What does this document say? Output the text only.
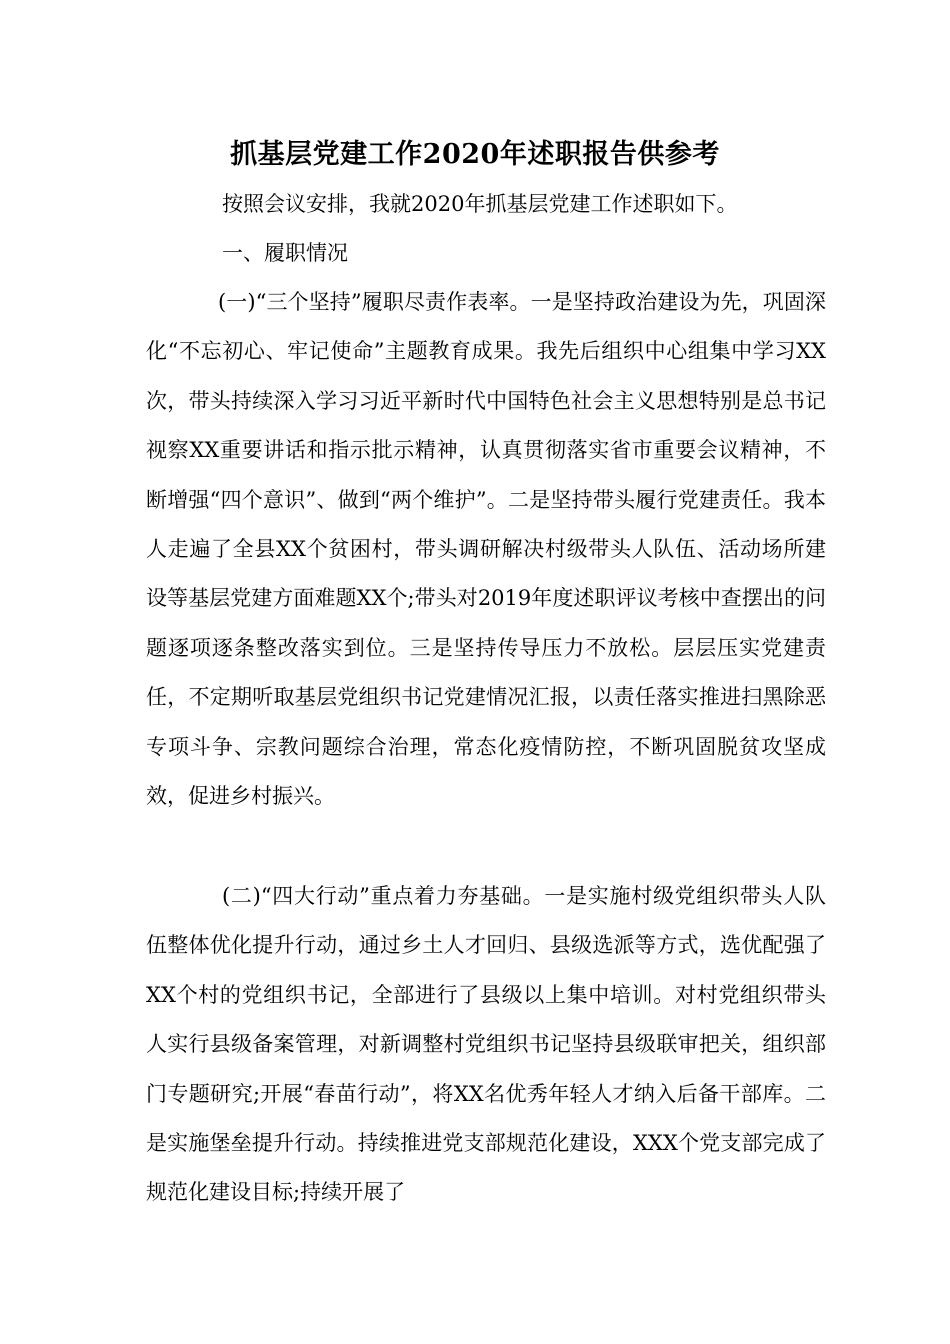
抓基层党建工作2020年述职报告供参考

按照会议安排，我就2020年抓基层党建工作述职如下。

一、履职情况

(一)“三个坚持”履职尽责作表率。一是坚持政治建设为先，巩固深化“不忘初心、牢记使命”主题教育成果。我先后组织中心组集中学习XX次，带头持续深入学习习近平新时代中国特色社会主义思想特别是总书记视察XX重要讲话和指示批示精神，认真贯彻落实省市重要会议精神，不断增强“四个意识”、做到“两个维护”。二是坚持带头履行党建责任。我本人走遍了全县XX个贫困村，带头调研解决村级带头人队伍、活动场所建设等基层党建方面难题XX个;带头对2019年度述职评议考核中查摆出的问题逐项逐条整改落实到位。三是坚持传导压力不放松。层层压实党建责任，不定期听取基层党组织书记党建情况汇报，以责任落实推进扫黑除恶专项斗争、宗教问题综合治理，常态化疫情防控，不断巩固脱贫攻坚成效，促进乡村振兴。

(二)“四大行动”重点着力夯基础。一是实施村级党组织带头人队伍整体优化提升行动，通过乡土人才回归、县级选派等方式，选优配强了XX个村的党组织书记，全部进行了县级以上集中培训。对村党组织带头人实行县级备案管理，对新调整村党组织书记坚持县级联审把关，组织部门专题研究;开展“春苗行动”，将XX名优秀年轻人才纳入后备干部库。二是实施堡垒提升行动。持续推进党支部规范化建设，XXX个党支部完成了规范化建设目标;持续开展了
